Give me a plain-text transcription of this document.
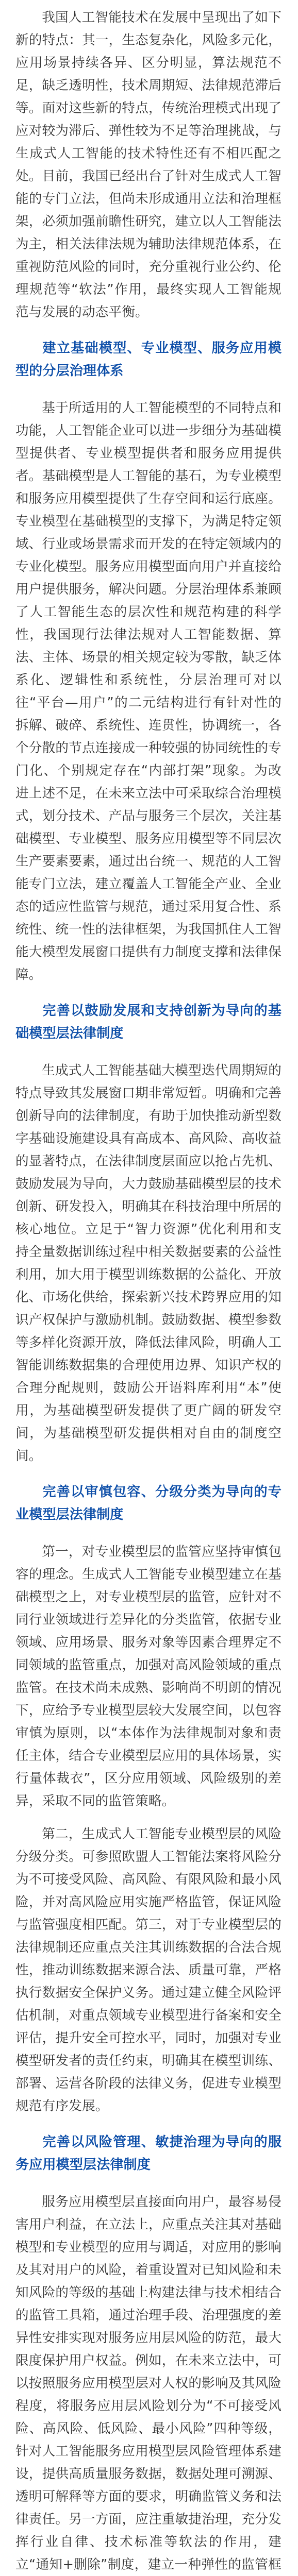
我国人工智能技术在发展中呈现出了如下新的特点：其一，生态复杂化，风险多元化，应用场景持续各异、区分明显，算法规范不足，缺乏透明性，技术周期短、法律规范滞后等。面对这些新的特点，传统治理模式出现了应对较为滞后、弹性较为不足等治理挑战，与生成式人工智能的技术特性还有不相匹配之处。目前，我国已经出台了针对生成式人工智能的专门立法，但尚未形成通用立法和治理框架，必须加强前瞻性研究，建立以人工智能法为主，相关法律法规为辅助法律规范体系，在重视防范风险的同时，充分重视行业公约、伦理规范等“软法”作用，最终实现人工智能规范与发展的动态平衡。

建立基础模型、专业模型、服务应用模型的分层治理体系

基于所适用的人工智能模型的不同特点和功能，人工智能企业可以进一步细分为基础模型提供者、专业模型提供者和服务应用提供者。基础模型是人工智能的基石，为专业模型和服务应用模型提供了生存空间和运行底座。专业模型在基础模型的支撑下，为满足特定领域、行业或场景需求而开发的在特定领域内的专业化模型。服务应用模型面向用户并直接给用户提供服务，解决问题。分层治理体系兼顾了人工智能生态的层次性和规范构建的科学性，我国现行法律法规对人工智能数据、算法、主体、场景的相关规定较为零散，缺乏体系化、逻辑性和系统性，分层治理可对以往“平台—用户”的二元结构进行有针对性的拆解、破碎、系统性、连贯性，协调统一，各个分散的节点连接成一种较强的协同统性的专门化、个别规定存在“内部打架”现象。为改进上述不足，在未来立法中可采取综合治理模式，划分技术、产品与服务三个层次，关注基础模型、专业模型、服务应用模型等不同层次生产要素要素，通过出台统一、规范的人工智能专门立法，建立覆盖人工智能全产业、全业态的适应性监管与规范，通过采用复合性、系统性、统一性的法律框架，为我国抓住人工智能大模型发展窗口提供有力制度支撑和法律保障。

完善以鼓励发展和支持创新为导向的基础模型层法律制度

生成式人工智能基础大模型迭代周期短的特点导致其发展窗口期非常短暂。明确和完善创新导向的法律制度，有助于加快推动新型数字基础设施建设具有高成本、高风险、高收益的显著特点，在法律制度层面应以抢占先机、鼓励发展为导向，大力鼓励基础模型层的技术创新、研发投入，明确其在科技治理中所居的核心地位。立足于“智力资源”优化利用和支持全量数据训练过程中相关数据要素的公益性利用，加大用于模型训练数据的公益化、开放化、市场化供给，探索新兴技术跨界应用的知识产权保护与激励机制。鼓励数据、模型参数等多样化资源开放，降低法律风险，明确人工智能训练数据集的合理使用边界、知识产权的合理分配规则，鼓励公开语料库利用“本”使用，为基础模型研发提供了更广阔的研发空间，为基础模型研发提供相对自由的制度空间。

完善以审慎包容、分级分类为导向的专业模型层法律制度

第一，对专业模型层的监管应坚持审慎包容的理念。生成式人工智能专业模型建立在基础模型之上，对专业模型层的监管，应针对不同行业领域进行差异化的分类监管，依据专业领域、应用场景、服务对象等因素合理界定不同领域的监管重点，加强对高风险领域的重点监管。在技术尚未成熟、影响尚不明朗的情况下，应给予专业模型层较大发展空间，以包容审慎为原则，以“本体作为法律规制对象和责任主体，结合专业模型层应用的具体场景，实行量体裁衣”，区分应用领域、风险级别的差异，采取不同的监管策略。

第二，生成式人工智能专业模型层的风险分级分类。可参照欧盟人工智能法案将风险分为不可接受风险、高风险、有限风险和最小风险，并对高风险应用实施严格监管，保证风险与监管强度相匹配。第三，对于专业模型层的法律规制还应重点关注其训练数据的合法合规性，推动训练数据来源合法、质量可靠，严格执行数据安全保护义务。通过建立健全风险评估机制，对重点领域专业模型进行备案和安全评估，提升安全可控水平，同时，加强对专业模型研发者的责任约束，明确其在模型训练、部署、运营各阶段的法律义务，促进专业模型规范有序发展。

完善以风险管理、敏捷治理为导向的服务应用模型层法律制度

服务应用模型层直接面向用户，最容易侵害用户利益，在立法上，应重点关注其对基础模型和专业模型的应用与调适，对应用的影响及其对用户的风险，着重设置对已知风险和未知风险的等级的基础上构建法律与技术相结合的监管工具箱，通过治理手段、治理强度的差异性安排实现对服务应用层风险的防范，最大限度保护用户权益。例如，在未来立法中，可以按照服务应用模型层对人权的影响及其风险程度，将服务应用层风险划分为“不可接受风险、高风险、低风险、最小风险”四种等级，针对人工智能服务应用模型层风险管理体系建设，提供高质量服务数据，数据处理可溯源、透明可解释等方面的要求，明确监管义务和法律责任。另一方面，应注重敏捷治理，充分发挥行业自律、技术标准等软法的作用，建立“通知+删除”制度，建立一种弹性的监管框
